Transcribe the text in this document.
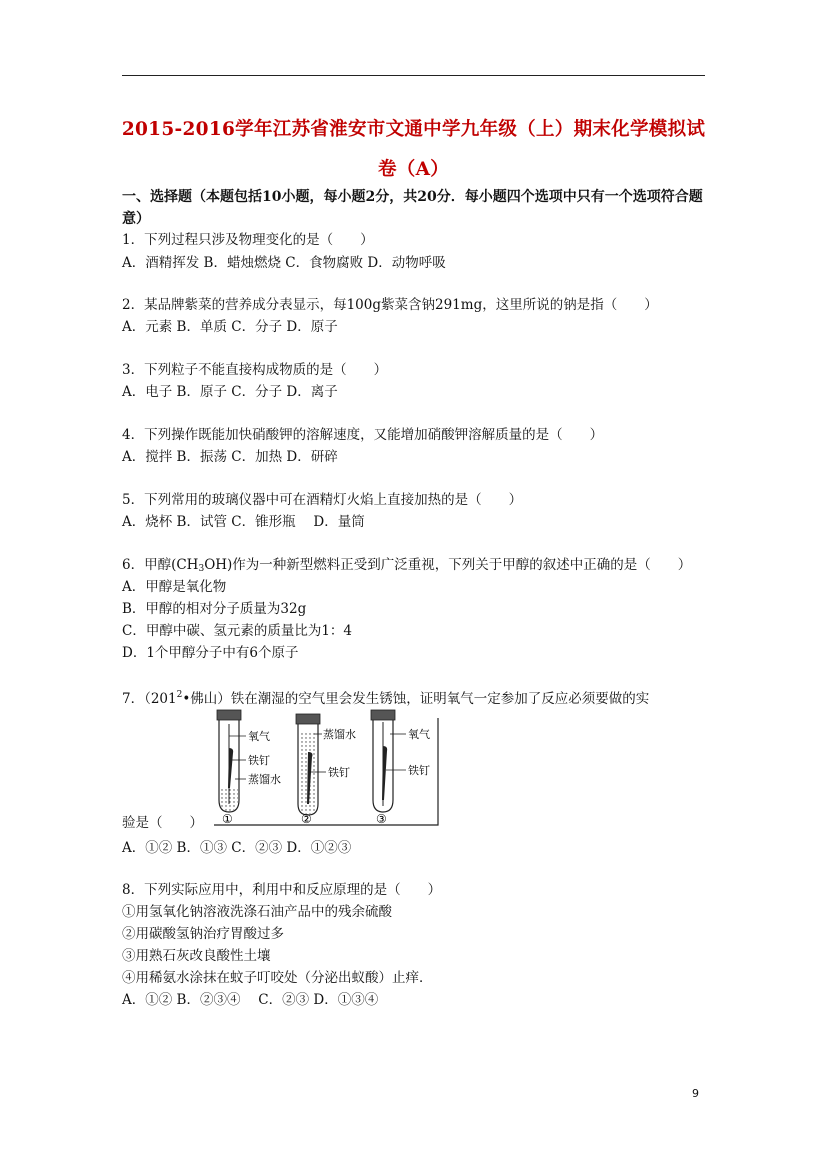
2015-2016学年江苏省淮安市文通中学九年级（上）期末化学模拟试
卷（A）
一、选择题（本题包括10小题，每小题2分，共20分．每小题四个选项中只有一个选项符合题意）
1．下列过程只涉及物理变化的是（　　）
A．酒精挥发 B．蜡烛燃烧 C．食物腐败 D．动物呼吸
2．某品牌紫菜的营养成分表显示，每100g紫菜含钠291mg，这里所说的钠是指（　　）
A．元素 B．单质 C．分子 D．原子
3．下列粒子不能直接构成物质的是（　　）
A．电子 B．原子 C．分子 D．离子
4．下列操作既能加快硝酸钾的溶解速度，又能增加硝酸钾溶解质量的是（　　）
A．搅拌 B．振荡 C．加热 D．研碎
5．下列常用的玻璃仪器中可在酒精灯火焰上直接加热的是（　　）
A．烧杯 B．试管 C．锥形瓶　 D．量筒
6．甲醇$(CH_3OH)$作为一种新型燃料正受到广泛重视，下列关于甲醇的叙述中正确的是（　　）
A．甲醇是氧化物
B．甲醇的相对分子质量为32g
C．甲醇中碳、氢元素的质量比为1：4
D．1个甲醇分子中有6个原子
7．（$201^2•$佛山）铁在潮湿的空气里会发生锈蚀，证明氧气一定参加了反应必须要做的实
氧气
铁钉
蒸馏水
蒸馏水
铁钉
氧气
铁钉
①	②	③
验是（　　）
A．①② B．①③ C．②③ D．①②③
8．下列实际应用中，利用中和反应原理的是（　　）
①用氢氧化钠溶液洗涤石油产品中的残余硫酸
②用碳酸氢钠治疗胃酸过多
③用熟石灰改良酸性土壤
④用稀氨水涂抹在蚊子叮咬处（分泌出蚁酸）止痒．
A．①② B．②③④　 C．②③ D．①③④
9
